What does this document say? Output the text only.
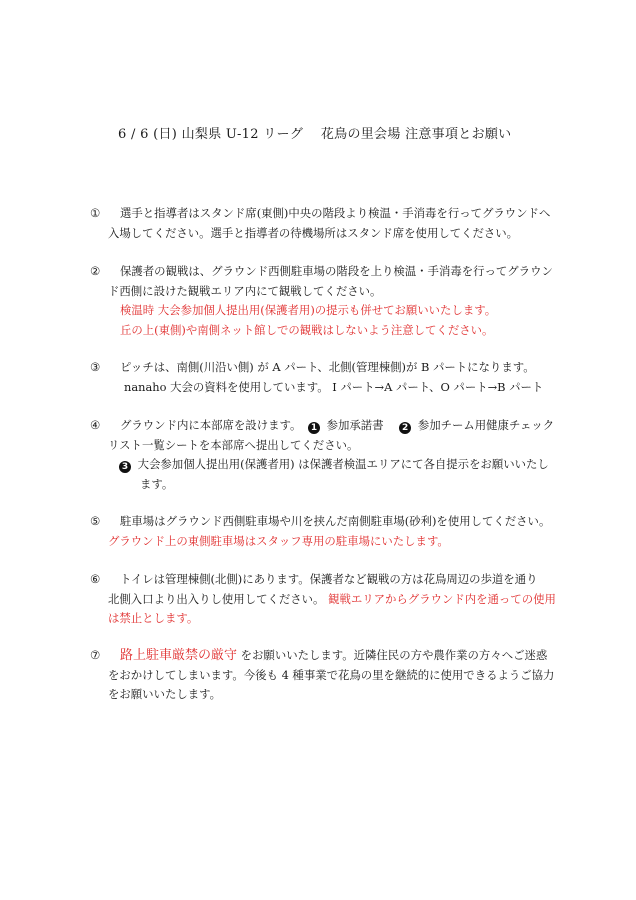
6 / 6 (日) 山梨県 U-12 リーグ　 花鳥の里会場 注意事項とお願い
①	選手と指導者はスタンド席(東側)中央の階段より検温・手消毒を行ってグラウンドへ
入場してください。選手と指導者の待機場所はスタンド席を使用してください。
②	保護者の観戦は、グラウンド西側駐車場の階段を上り検温・手消毒を行ってグラウン
ド西側に設けた観戦エリア内にて観戦してください。
検温時 大会参加個人提出用(保護者用)の提示も併せてお願いいたします。
丘の上(東側)や南側ネット館しでの観戦はしないよう注意してください。
③	ピッチは、南側(川沿い側) が A パート、北側(管理棟側)が B パートになります。
nanaho 大会の資料を使用しています。 I パート→A パート、O パート→B パート
④	グラウンド内に本部席を設けます。 1 参加承諾書 2 参加チーム用健康チェック
リスト一覧シートを本部席へ提出してください。
3 大会参加個人提出用(保護者用) は保護者検温エリアにて各自提示をお願いいたし
ます。
⑤	駐車場はグラウンド西側駐車場や川を挟んだ南側駐車場(砂利)を使用してください。
グラウンド上の東側駐車場はスタッフ専用の駐車場にいたします。
⑥	トイレは管理棟側(北側)にあります。保護者など観戦の方は花鳥周辺の歩道を通り
北側入口より出入りし使用してください。 観戦エリアからグラウンド内を通っての使用
は禁止とします。
⑦	路上駐車厳禁の厳守 をお願いいたします。近隣住民の方や農作業の方々へご迷惑
をおかけしてしまいます。今後も 4 種事業で花鳥の里を継続的に使用できるようご協力
をお願いいたします。
